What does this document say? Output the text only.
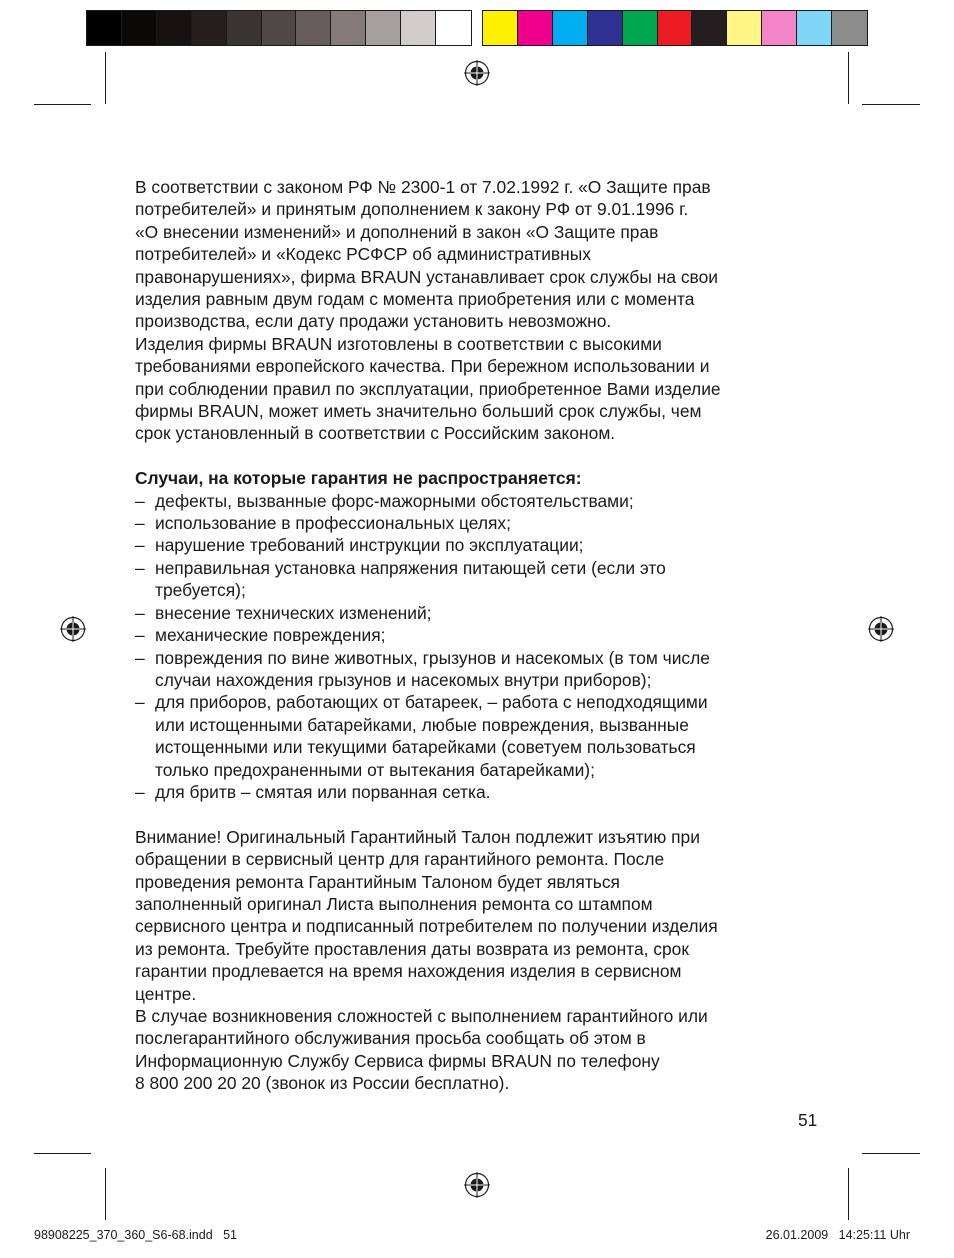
В соответствии с законом РФ № 2300-1 от 7.02.1992 г. «О Защите прав
потребителей» и принятым дополнением к закону РФ от 9.01.1996 г.
«О внесении изменений» и дополнений в закон «О Защите прав
потребителей» и «Кодекс РСФСР об административных
правонарушениях», фирма BRAUN устанавливает срок службы на свои
изделия равным двум годам с момента приобретения или с момента
производства, если дату продажи установить невозможно.
Изделия фирмы BRAUN изготовлены в соответствии с высокими
требованиями европейского качества. При бережном использовании и
при соблюдении правил по эксплуатации, приобретенное Вами изделие
фирмы BRAUN, может иметь значительно больший срок службы, чем
срок установленный в соответствии с Российским законом.

Случаи, на которые гарантия не распространяется:

– дефекты, вызванные форс-мажорными обстоятельствами;
– использование в профессиональных целях;
– нарушение требований инструкции по эксплуатации;
– неправильная установка напряжения питающей сети (если это
требуется);
– внесение технических изменений;
– механические повреждения;
– повреждения по вине животных, грызунов и насекомых (в том числе
случаи нахождения грызунов и насекомых внутри приборов);
– для приборов, работающих от батареек, – работа с неподходящими
или истощенными батарейками, любые повреждения, вызванные
истощенными или текущими батарейками (советуем пользоваться
только предохраненными от вытекания батарейками);
– для бритв – смятая или порванная сетка.
Внимание! Оригинальный Гарантийный Талон подлежит изъятию при
обращении в сервисный центр для гарантийного ремонта. После
проведения ремонта Гарантийным Талоном будет являться
заполненный оригинал Листа выполнения ремонта со штампом
сервисного центра и подписанный потребителем по получении изделия
из ремонта. Требуйте проставления даты возврата из ремонта, срок
гарантии продлевается на время нахождения изделия в сервисном
центре.
В случае возникновения сложностей с выполнением гарантийного или
послегарантийного обслуживания просьба сообщать об этом в
Информационную Службу Сервиса фирмы BRAUN по телефону
8 800 200 20 20 (звонок из России бесплатно).
51
98908225_370_360_S6-68.indd   51	26.01.2009   14:25:11 Uhr
